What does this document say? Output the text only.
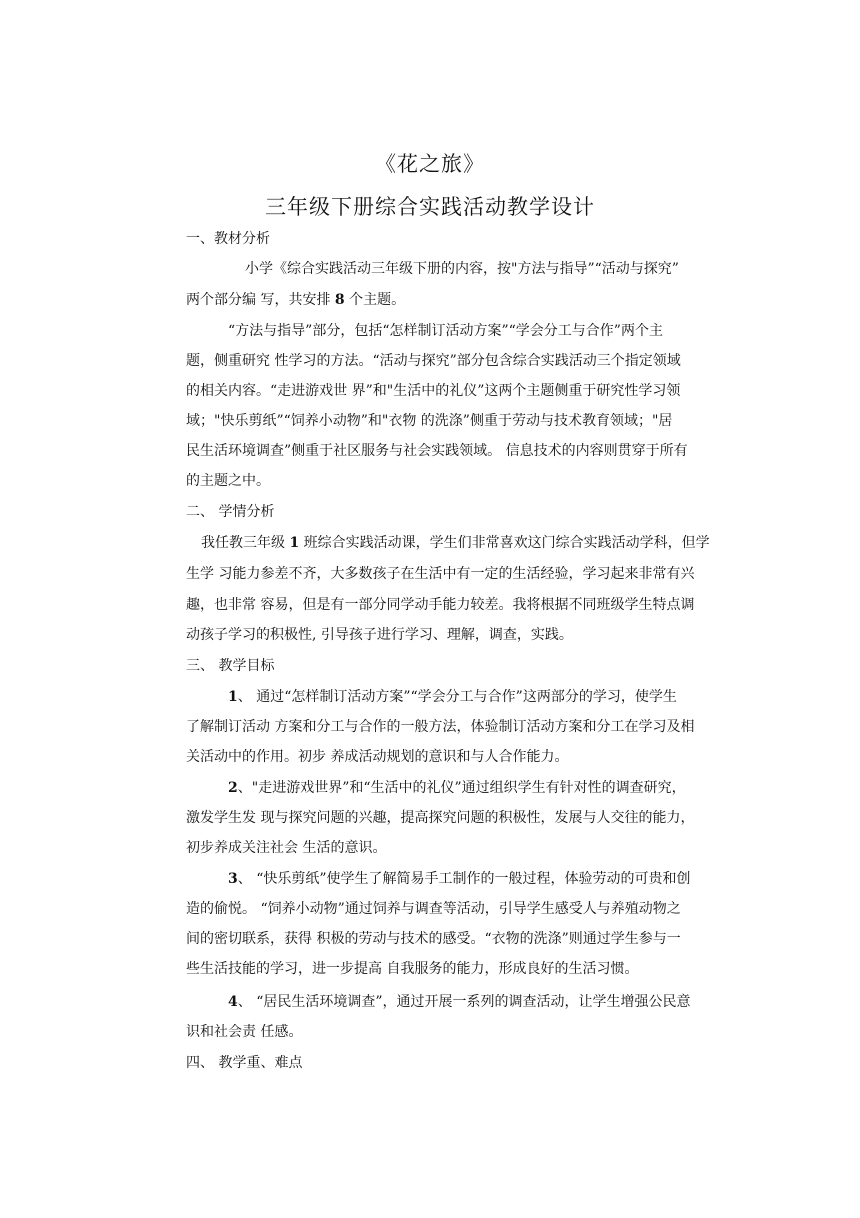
《花之旅》
三年级下册综合实践活动教学设计
一、教材分析
小学《综合实践活动三年级下册的内容，按"方法与指导”“活动与探究”
两个部分编 写，共安排 8 个主题。
“方法与指导”部分，包括“怎样制订活动方案”“学会分工与合作”两个主
题，侧重研究 性学习的方法。“活动与探究”部分包含综合实践活动三个指定领域
的相关内容。“走进游戏世 界”和"生活中的礼仪”这两个主题侧重于研究性学习领
域；"快乐剪纸”“饲养小动物”和"衣物 的洗涤”侧重于劳动与技术教育领域；"居
民生活环境调查”侧重于社区服务与社会实践领域。 信息技术的内容则贯穿于所有
的主题之中。
二、 学情分析
我任教三年级 1 班综合实践活动课，学生们非常喜欢这门综合实践活动学科，但学
生学 习能力参差不齐，大多数孩子在生活中有一定的生活经验，学习起来非常有兴
趣，也非常 容易，但是有一部分同学动手能力较差。我将根据不同班级学生特点调
动孩子学习的积极性, 引导孩子进行学习、理解，调查，实践。
三、 教学目标
1、 通过“怎样制订活动方案”“学会分工与合作”这两部分的学习，使学生
了解制订活动 方案和分工与合作的一般方法，体验制订活动方案和分工在学习及相
关活动中的作用。初步 养成活动规划的意识和与人合作能力。
2、"走进游戏世界”和“生活中的礼仪”通过组织学生有针对性的调查研究，
激发学生发 现与探究问题的兴趣，提高探究问题的积极性，发展与人交往的能力，
初步养成关注社会 生活的意识。
3、 “快乐剪纸”使学生了解简易手工制作的一般过程，体验劳动的可贵和创
造的偷悦。 “饲养小动物”通过饲养与调查等活动，引导学生感受人与养殖动物之
间的密切联系，获得 积极的劳动与技术的感受。“衣物的洗涤”则通过学生参与一
些生活技能的学习，进一步提高 自我服务的能力，形成良好的生活习惯。
4、 “居民生活环境调查”，通过开展一系列的调查活动，让学生增强公民意
识和社会责 任感。
四、 教学重、难点
